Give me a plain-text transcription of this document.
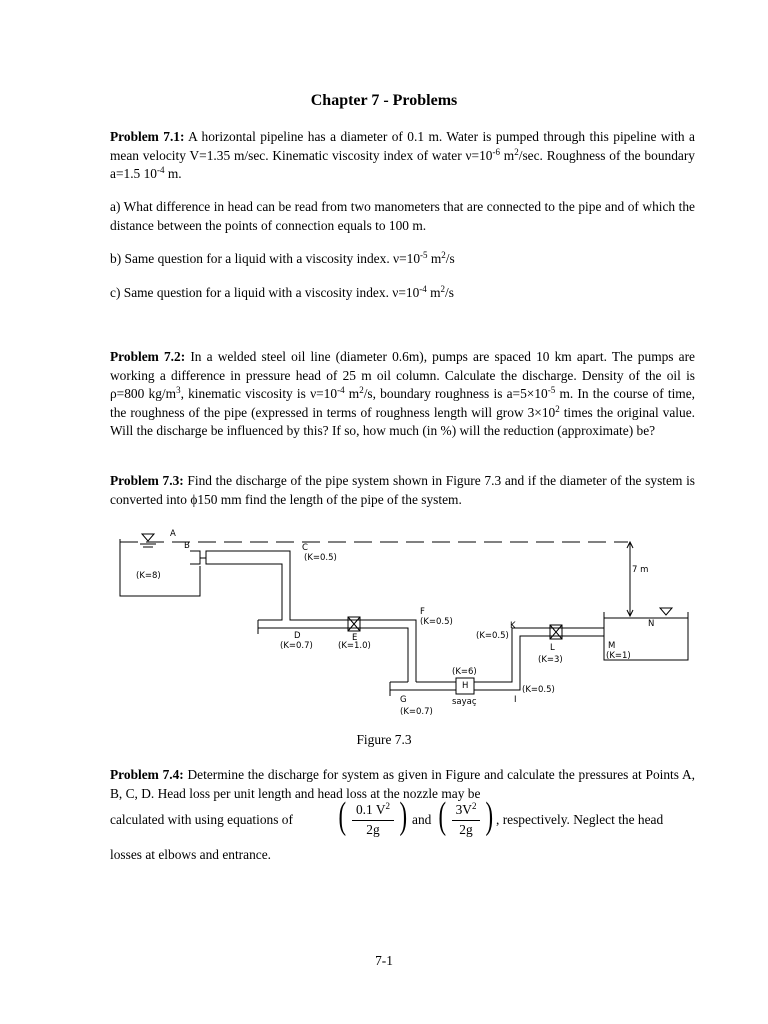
Chapter 7 - Problems
Problem 7.1: A horizontal pipeline has a diameter of 0.1 m. Water is pumped through this pipeline with a mean velocity V=1.35 m/sec. Kinematic viscosity index of water $\nu=10^{-6}$ $m^2/\sec$. Roughness of the boundary a=1.5 $10^{-4}$ m.
a) What difference in head can be read from two manometers that are connected to the pipe and of which the distance between the points of connection equals to 100 m.
b) Same question for a liquid with a viscosity index. $\nu=10^{-5}$ $m^2/s$
c) Same question for a liquid with a viscosity index. $\nu=10^{-4}$ $m^2/s$
Problem 7.2: In a welded steel oil line (diameter 0.6m), pumps are spaced 10 km apart. The pumps are working a difference in pressure head of 25 m oil column. Calculate the discharge. Density of the oil is ρ=800 $kg/m^3$, kinematic viscosity is $\nu=10^{-4}$ $m^2/s$, boundary roughness is $a=5\times 10^{-5}$ m. In the course of time, the roughness of the pipe (expressed in terms of roughness length will grow $3\times 10^2$ times the original value. Will the discharge be influenced by this? If so, how much (in %) will the reduction (approximate) be?
Problem 7.3: Find the discharge of the pipe system shown in Figure 7.3 and if the diameter of the system is converted into ϕ150 mm find the length of the pipe of the system.
A
B	C
(K=0.5)
(K=8)
7 m
D
(K=0.7)
E
(K=1.0)
F
(K=0.5)	K
(K=0.5)
L
(K=3)
M
(K=1)
N
(K=6)
H
sayaç
(K=0.5)
I
G
(K=0.7)
Figure 7.3
Problem 7.4: Determine the discharge for system as given in Figure and calculate the pressures at Points A, B, C, D. Head loss per unit length and head loss at the nozzle may be
calculated with using equations of ( 0.1 $V^2$
2g ) and ( $3V^2$
2g ) , respectively. Neglect the head
losses at elbows and entrance.
7-1
